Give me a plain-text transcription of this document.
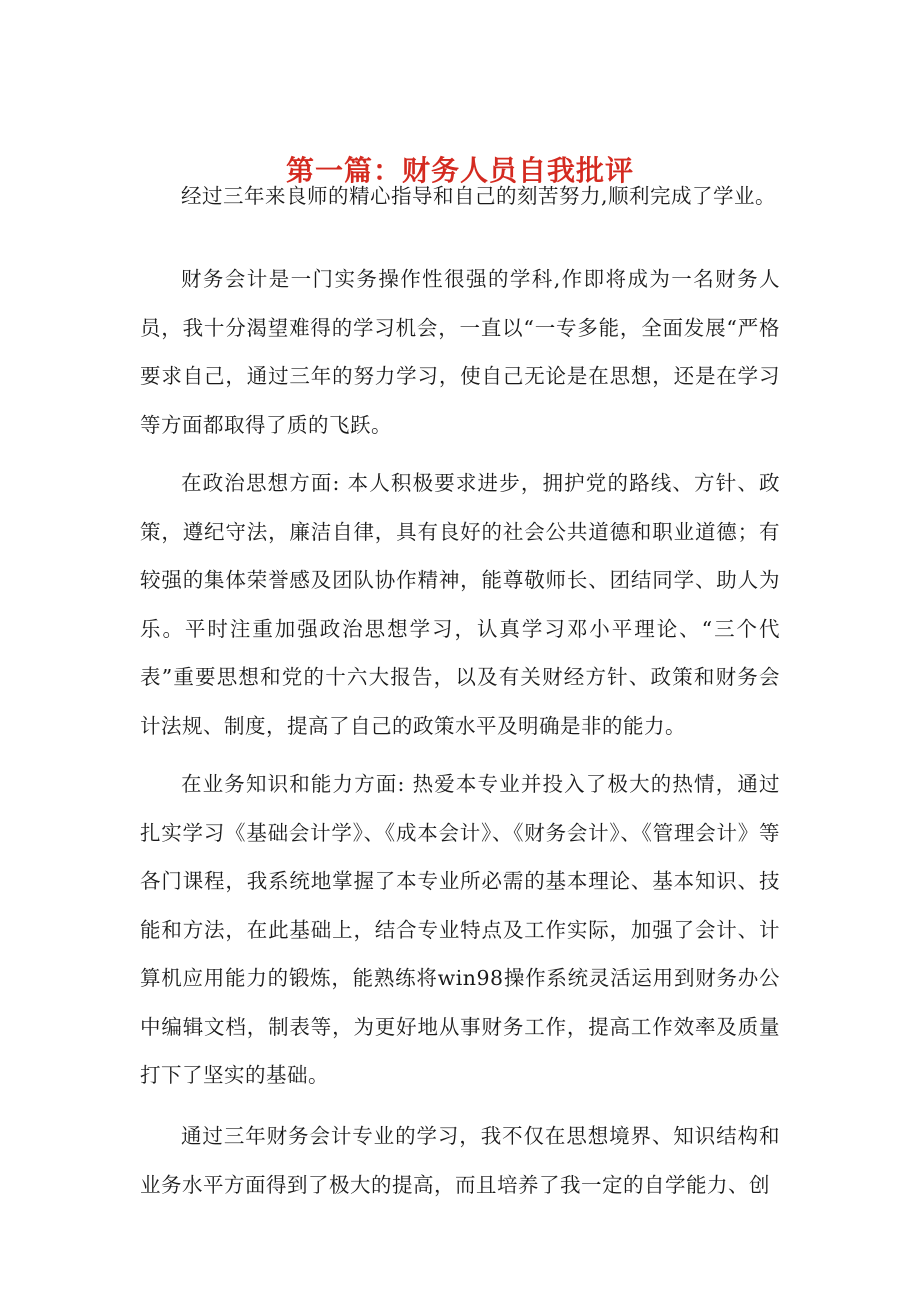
第一篇：财务人员自我批评

经过三年来良师的精心指导和自己的刻苦努力,顺利完成了学业。

财务会计是一门实务操作性很强的学科,作即将成为一名财务人员，我十分渴望难得的学习机会，一直以“一专多能，全面发展“严格要求自己，通过三年的努力学习，使自己无论是在思想，还是在学习等方面都取得了质的飞跃。

在政治思想方面: 本人积极要求进步，拥护党的路线、方针、政策，遵纪守法，廉洁自律，具有良好的社会公共道德和职业道德；有较强的集体荣誉感及团队协作精神，能尊敬师长、团结同学、助人为乐。平时注重加强政治思想学习，认真学习邓小平理论、“三个代表”重要思想和党的十六大报告，以及有关财经方针、政策和财务会计法规、制度，提高了自己的政策水平及明确是非的能力。

在业务知识和能力方面: 热爱本专业并投入了极大的热情，通过扎实学习《基础会计学》、《成本会计》、《财务会计》、《管理会计》等各门课程，我系统地掌握了本专业所必需的基本理论、基本知识、技能和方法，在此基础上，结合专业特点及工作实际，加强了会计、计算机应用能力的锻炼，能熟练将win98操作系统灵活运用到财务办公中编辑文档，制表等，为更好地从事财务工作，提高工作效率及质量打下了坚实的基础。

通过三年财务会计专业的学习，我不仅在思想境界、知识结构和业务水平方面得到了极大的提高，而且培养了我一定的自学能力、创
